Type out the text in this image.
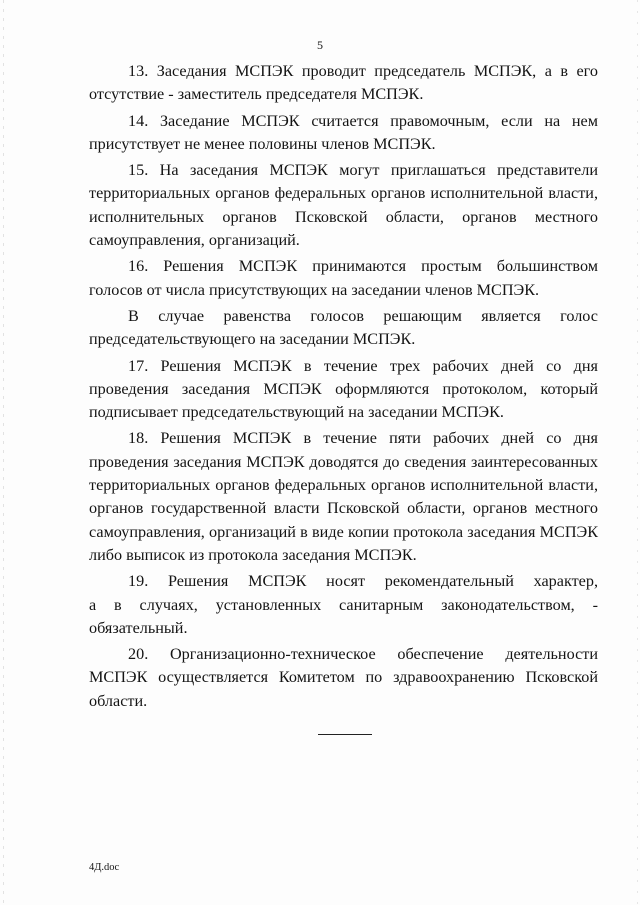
5

13. Заседания МСПЭК проводит председатель МСПЭК, а в его отсутствие - заместитель председателя МСПЭК.

14. Заседание МСПЭК считается правомочным, если на нем присутствует не менее половины членов МСПЭК.

15. На заседания МСПЭК могут приглашаться представители территориальных органов федеральных органов исполнительной власти, исполнительных органов Псковской области, органов местного самоуправления, организаций.

16. Решения МСПЭК принимаются простым большинством голосов от числа присутствующих на заседании членов МСПЭК.

В случае равенства голосов решающим является голос председательствующего на заседании МСПЭК.

17. Решения МСПЭК в течение трех рабочих дней со дня проведения заседания МСПЭК оформляются протоколом, который подписывает председательствующий на заседании МСПЭК.

18. Решения МСПЭК в течение пяти рабочих дней со дня проведения заседания МСПЭК доводятся до сведения заинтересованных территориальных органов федеральных органов исполнительной власти, органов государственной власти Псковской области, органов местного самоуправления, организаций в виде копии протокола заседания МСПЭК либо выписок из протокола заседания МСПЭК.

19. Решения МСПЭК носят рекомендательный характер,

а в случаях, установленных санитарным законодательством, - обязательный.

20. Организационно-техническое обеспечение деятельности МСПЭК осуществляется Комитетом по здравоохранению Псковской области.

4Д.doc
